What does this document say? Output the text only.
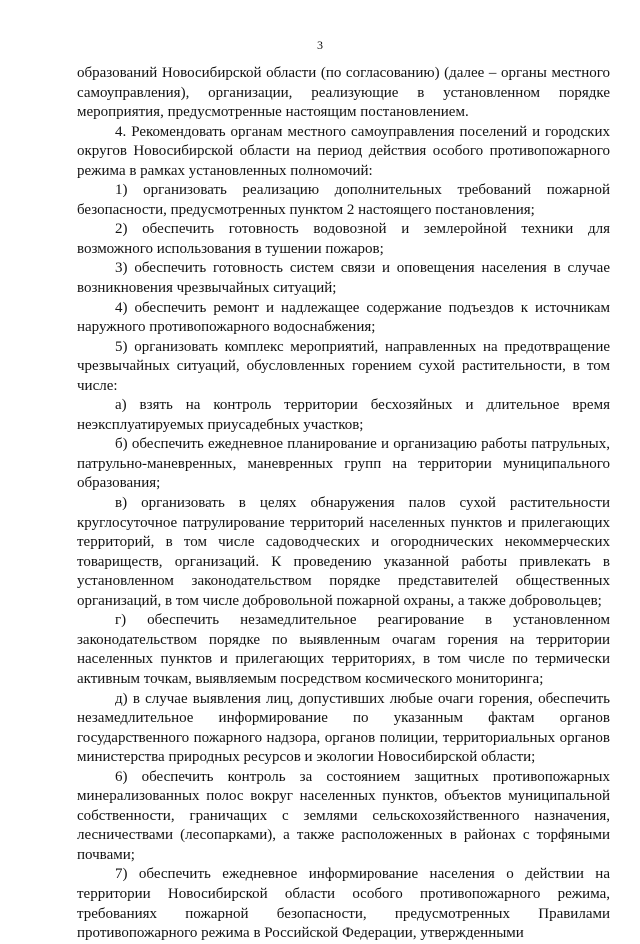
3

образований Новосибирской области (по согласованию) (далее – органы местного самоуправления), организации, реализующие в установленном порядке мероприятия, предусмотренные настоящим постановлением.

4. Рекомендовать органам местного самоуправления поселений и городских округов Новосибирской области на период действия особого противопожарного режима в рамках установленных полномочий:

1) организовать реализацию дополнительных требований пожарной безопасности, предусмотренных пунктом 2 настоящего постановления;

2) обеспечить готовность водовозной и землеройной техники для возможного использования в тушении пожаров;

3) обеспечить готовность систем связи и оповещения населения в случае возникновения чрезвычайных ситуаций;

4) обеспечить ремонт и надлежащее содержание подъездов к источникам наружного противопожарного водоснабжения;

5) организовать комплекс мероприятий, направленных на предотвращение чрезвычайных ситуаций, обусловленных горением сухой растительности, в том числе:

а) взять на контроль территории бесхозяйных и длительное время неэксплуатируемых приусадебных участков;

б) обеспечить ежедневное планирование и организацию работы патрульных, патрульно-маневренных, маневренных групп на территории муниципального образования;

в) организовать в целях обнаружения палов сухой растительности круглосуточное патрулирование территорий населенных пунктов и прилегающих территорий, в том числе садоводческих и огороднических некоммерческих товариществ, организаций. К проведению указанной работы привлекать в установленном законодательством порядке представителей общественных организаций, в том числе добровольной пожарной охраны, а также добровольцев;

г) обеспечить незамедлительное реагирование в установленном законодательством порядке по выявленным очагам горения на территории населенных пунктов и прилегающих территориях, в том числе по термически активным точкам, выявляемым посредством космического мониторинга;

д) в случае выявления лиц, допустивших любые очаги горения, обеспечить незамедлительное информирование по указанным фактам органов государственного пожарного надзора, органов полиции, территориальных органов министерства природных ресурсов и экологии Новосибирской области;

6) обеспечить контроль за состоянием защитных противопожарных минерализованных полос вокруг населенных пунктов, объектов муниципальной собственности, граничащих с землями сельскохозяйственного назначения, лесничествами (лесопарками), а также расположенных в районах с торфяными почвами;

7) обеспечить ежедневное информирование населения о действии на территории Новосибирской области особого противопожарного режима, требованиях пожарной безопасности, предусмотренных Правилами противопожарного режима в Российской Федерации, утвержденными
